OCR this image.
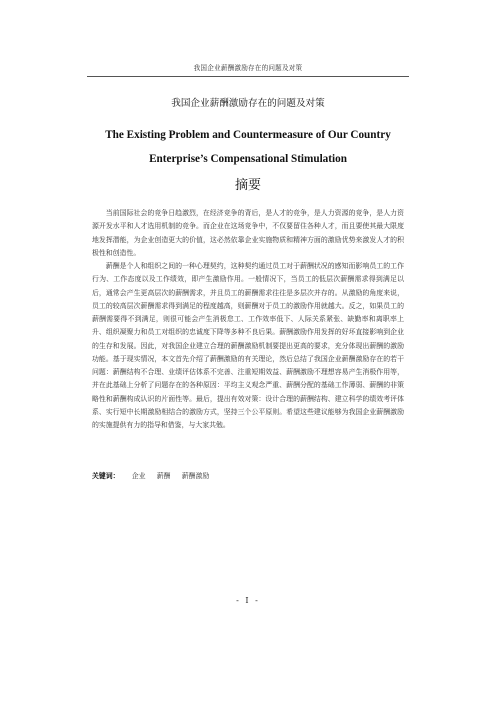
我国企业薪酬激励存在的问题及对策
我国企业薪酬激励存在的问题及对策
The Existing Problem and Countermeasure of Our Country
Enterprise’s Compensational Stimulation
摘要

当前国际社会的竞争日趋激烈，在经济竞争的背后，是人才的竞争，是人力资源的竞争，是人力资源开发水平和人才选用机制的竞争。而企业在这场竞争中，不仅要留住各种人才，而且要使其最大限度地发挥潜能，为企业创造更大的价值，这必然依靠企业实施物质和精神方面的激励优势来激发人才的积极性和创造性。

薪酬是个人和组织之间的一种心理契约，这种契约通过员工对于薪酬状况的感知而影响员工的工作行为、工作态度以及工作绩效，即产生激励作用。一般情况下，当员工的低层次薪酬需求得到满足以后，通常会产生更高层次的薪酬需求，并且员工的薪酬需求往往是多层次并存的。从激励的角度来说，员工的较高层次薪酬需求得到满足的程度越高，则薪酬对于员工的激励作用就越大。反之，如果员工的薪酬需要得不到满足，则很可能会产生消极怠工、工作效率低下、人际关系紧张、缺勤率和离职率上升、组织凝聚力和员工对组织的忠诚度下降等多种不良后果。薪酬激励作用发挥的好坏直接影响到企业的生存和发展。因此，对我国企业建立合理的薪酬激励机制要提出更高的要求，充分体现出薪酬的激励功能。基于现实情况，本文首先介绍了薪酬激励的有关理论，然后总结了我国企业薪酬激励存在的若干问题：薪酬结构不合理、业绩评估体系不完善、注重短期效益、薪酬激励不理想容易产生消极作用等，并在此基础上分析了问题存在的各种原因：平均主义观念严重、薪酬分配的基础工作薄弱、薪酬的非策略性和薪酬构成认识的片面性等。最后，提出有效对策：设计合理的薪酬结构、建立科学的绩效考评体系、实行短中长期激励相结合的激励方式，坚持三个公平原则。希望这些建议能够为我国企业薪酬激励的实施提供有力的指导和借鉴，与大家共勉。

关键词： 企业 薪酬 薪酬激励
- I -
